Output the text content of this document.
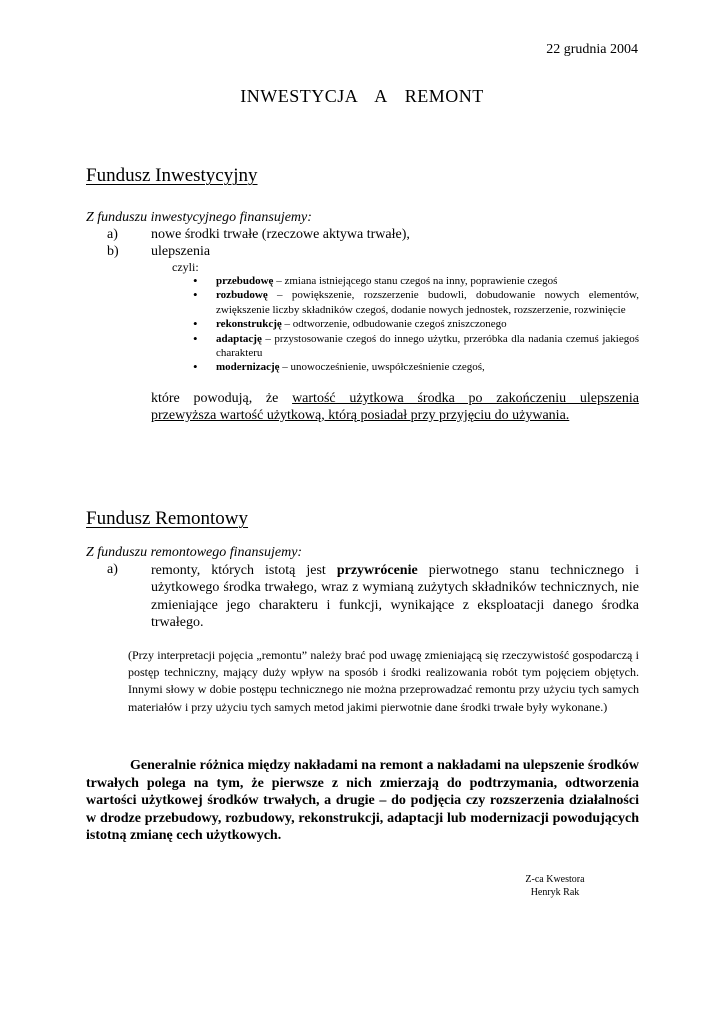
22 grudnia 2004
INWESTYCJA  A  REMONT
Fundusz Inwestycyjny
Z funduszu inwestycyjnego finansujemy:
a) nowe środki trwałe (rzeczowe aktywa trwałe),
b) ulepszenia
czyli:
• przebudowę – zmiana istniejącego stanu czegoś na inny, poprawienie czegoś
• rozbudowę – powiększenie, rozszerzenie budowli, dobudowanie nowych elementów, zwiększenie liczby składników czegoś, dodanie nowych jednostek, rozszerzenie, rozwinięcie
• rekonstrukcję – odtworzenie, odbudowanie czegoś zniszczonego
• adaptację – przystosowanie czegoś do innego użytku, przeróbka dla nadania czemuś jakiegoś charakteru
• modernizację – unowocześnienie, uwspółcześnienie czegoś,
które powodują, że wartość użytkowa środka po zakończeniu ulepszenia
przewyższa wartość użytkową, którą posiadał przy przyjęciu do używania.
Fundusz Remontowy
Z funduszu remontowego finansujemy:
a) remonty, których istotą jest przywrócenie pierwotnego stanu technicznego i użytkowego środka trwałego, wraz z wymianą zużytych składników technicznych, nie zmieniające jego charakteru i funkcji, wynikające z eksploatacji danego środka trwałego.
(Przy interpretacji pojęcia „remontu” należy brać pod uwagę zmieniającą się rzeczywistość gospodarczą i postęp techniczny, mający duży wpływ na sposób i środki realizowania robót tym pojęciem objętych. Innymi słowy w dobie postępu technicznego nie można przeprowadzać remontu przy użyciu tych samych materiałów i przy użyciu tych samych metod jakimi pierwotnie dane środki trwałe były wykonane.)
Generalnie różnica między nakładami na remont a nakładami na ulepszenie środków trwałych polega na tym, że pierwsze z nich zmierzają do podtrzymania, odtworzenia wartości użytkowej środków trwałych, a drugie – do podjęcia czy rozszerzenia działalności w drodze przebudowy, rozbudowy, rekonstrukcji, adaptacji lub modernizacji powodujących istotną zmianę cech użytkowych.
Z-ca Kwestora
Henryk Rak
